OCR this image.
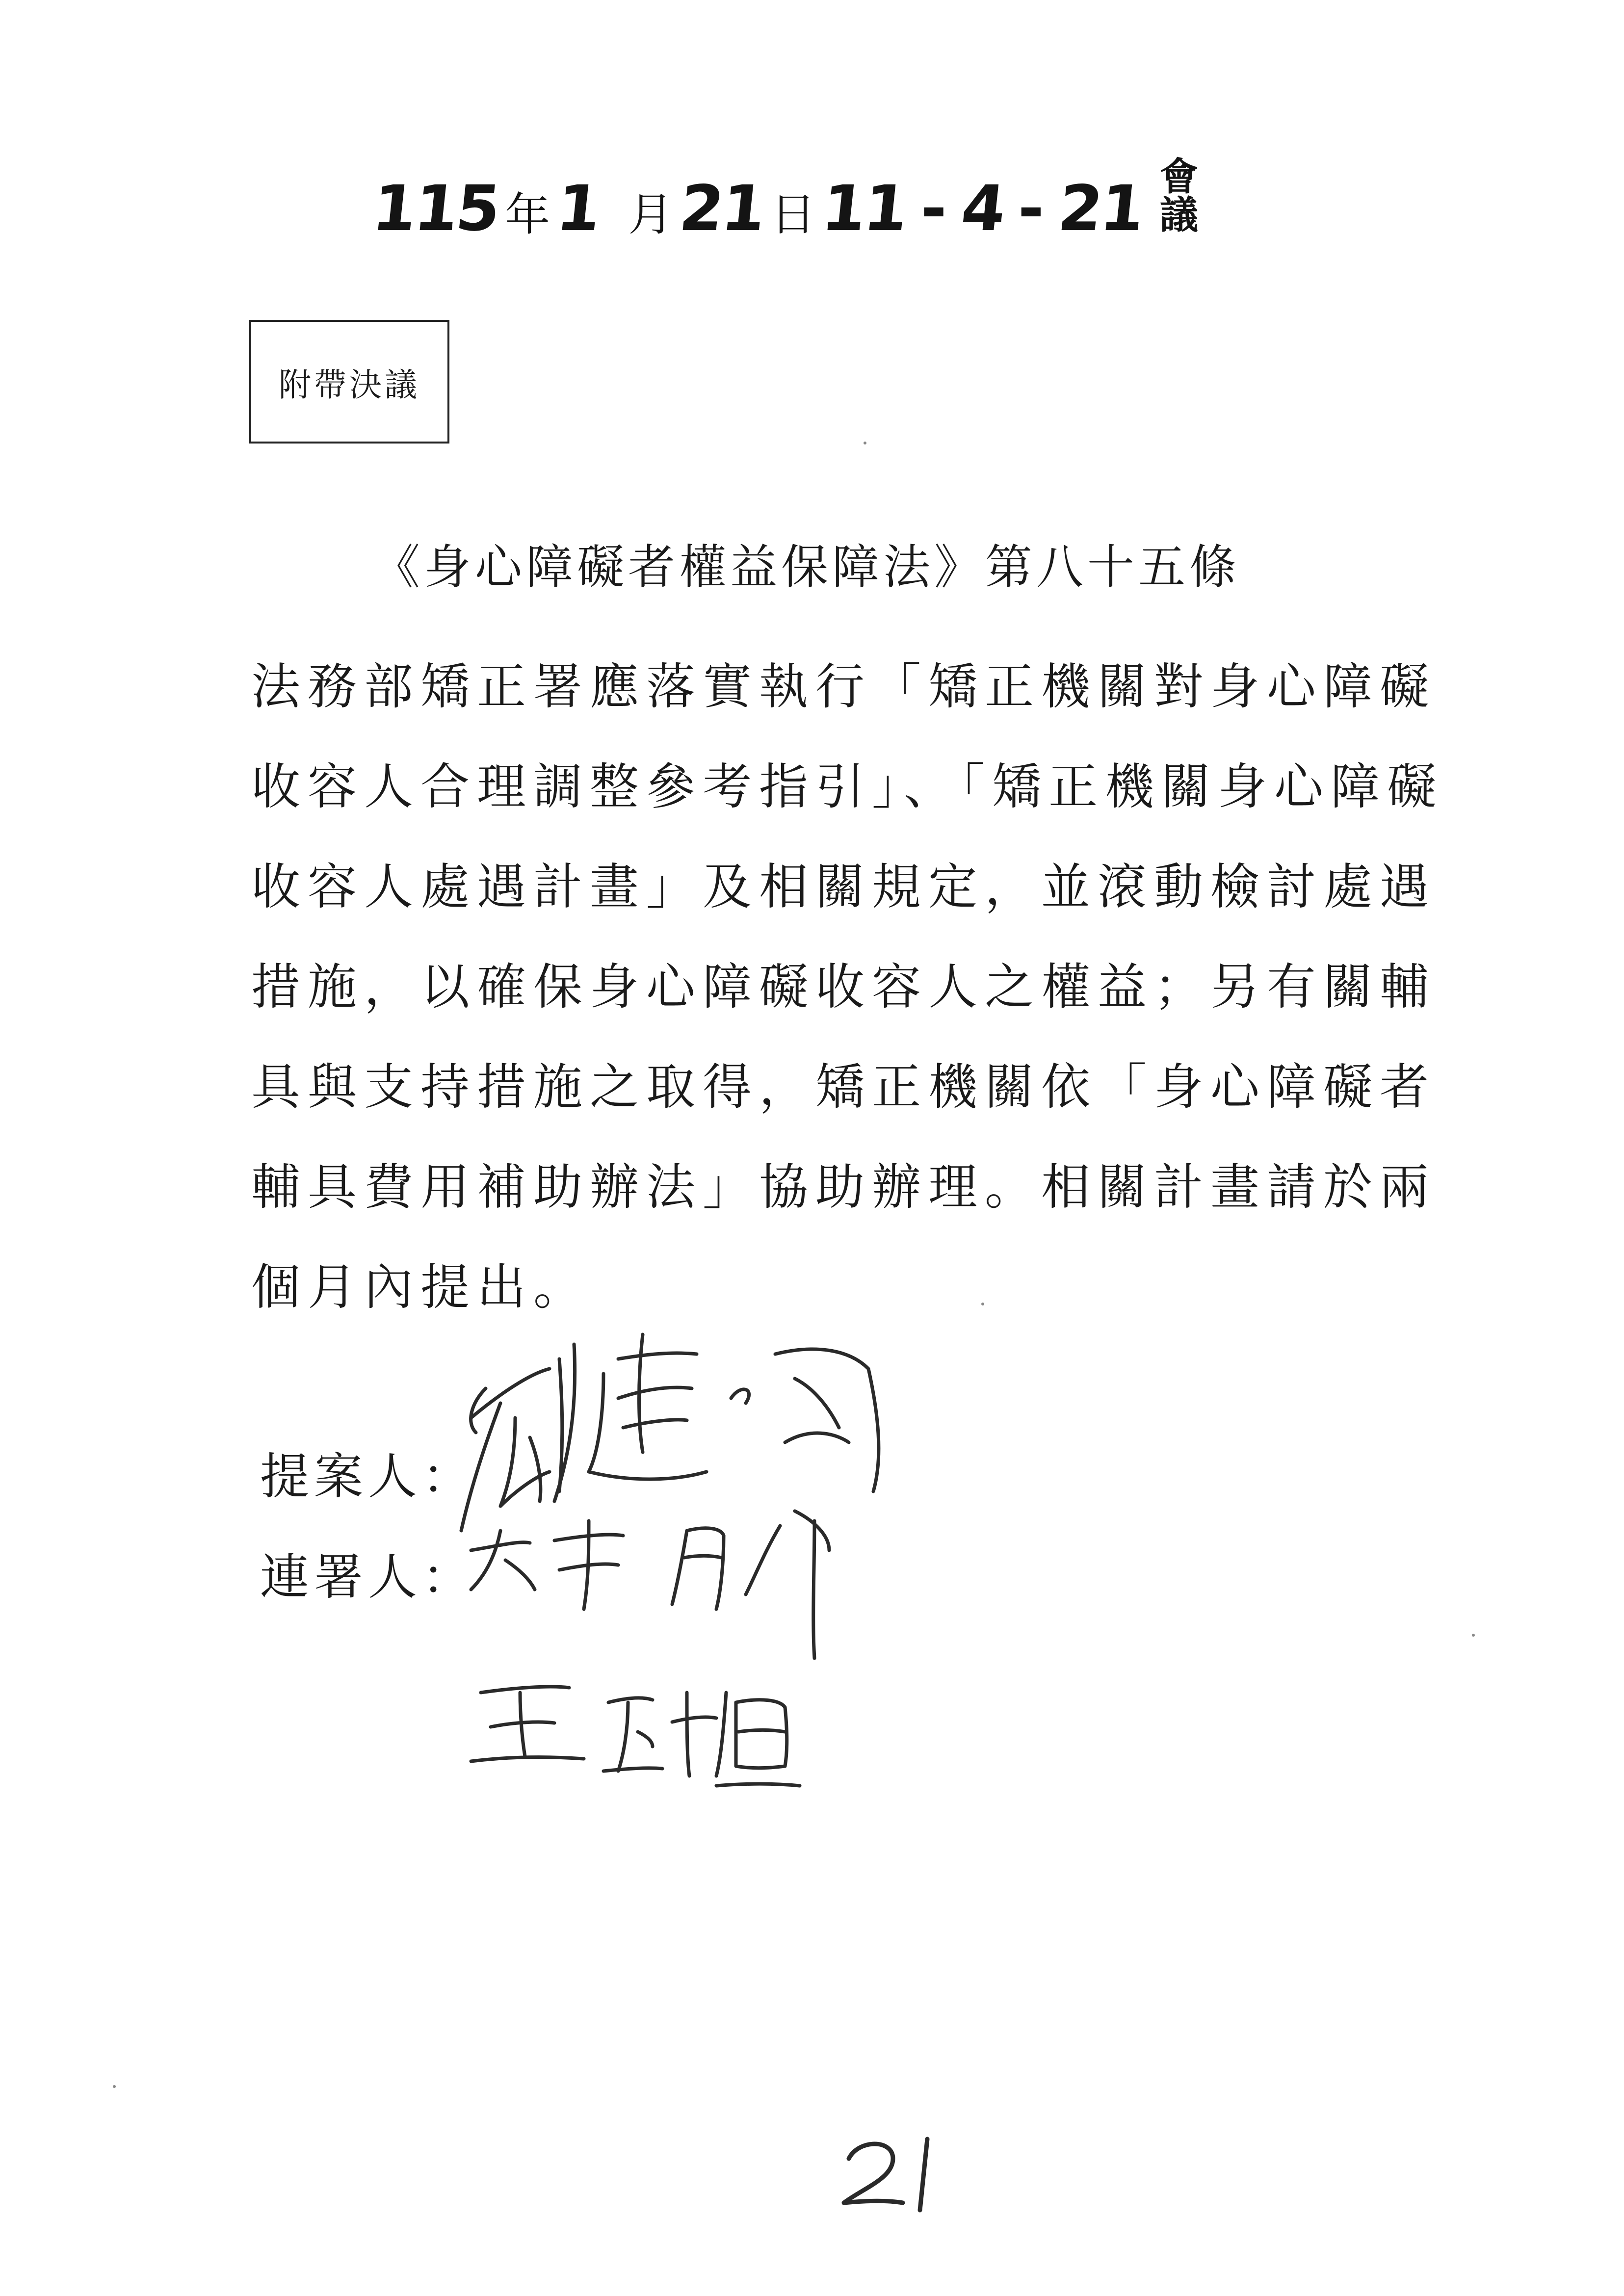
115 年 1 月 21 日 11 - 4 - 21 會議
附帶決議
《身心障礙者權益保障法》第八十五條
法務部矯正署應落實執行「矯正機關對身心障礙
收容人合理調整參考指引」、「矯正機關身心障礙
收容人處遇計畫」及相關規定，並滾動檢討處遇
措施，以確保身心障礙收容人之權益；另有關輔
具與支持措施之取得，矯正機關依「身心障礙者
輔具費用補助辦法」協助辦理。相關計畫請於兩
個月內提出。
提案人：
連署人：
